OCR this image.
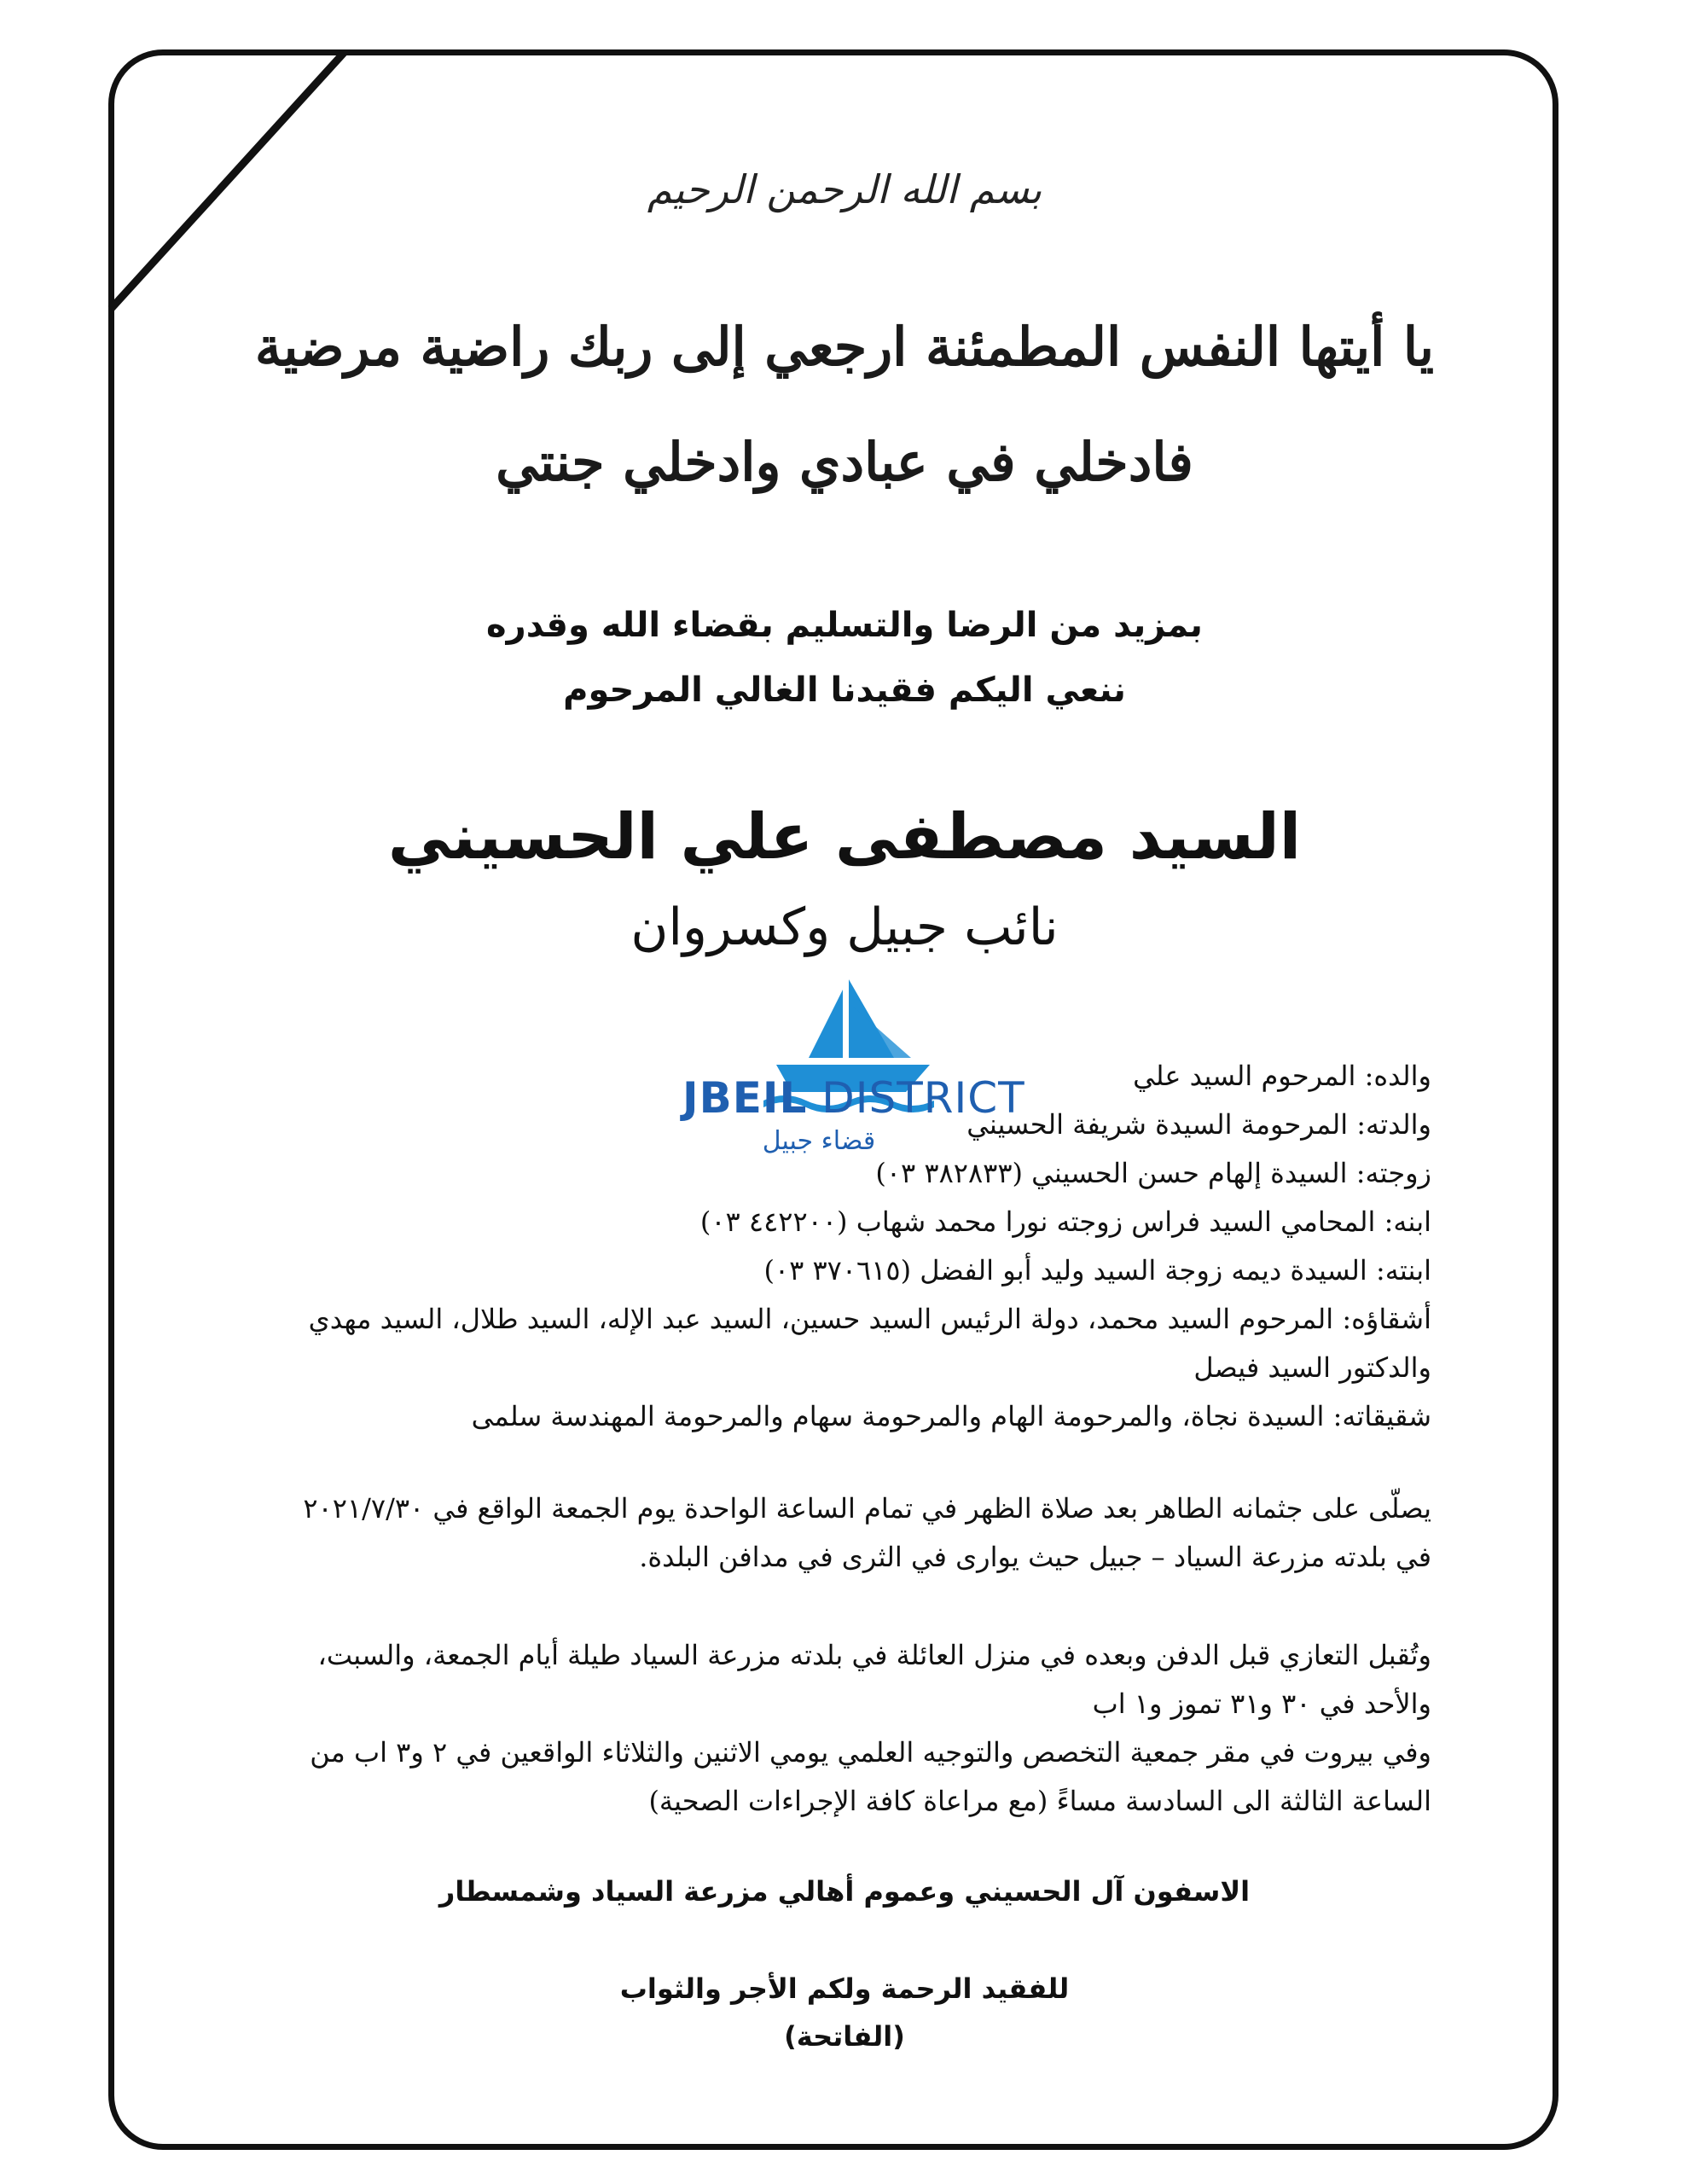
بسم الله الرحمن الرحيم
يا أيتها النفس المطمئنة ارجعي إلى ربك راضية مرضية
فادخلي في عبادي وادخلي جنتي
بمزيد من الرضا والتسليم بقضاء الله وقدره
ننعي اليكم فقيدنا الغالي المرحوم
السيد مصطفى علي الحسيني
نائب جبيل وكسروان
JBEIL DISTRICT
قضاء جبيل

والده: المرحوم السيد علي

والدته: المرحومة السيدة شريفة الحسيني

زوجته: السيدة إلهام حسن الحسيني (٣٨٢٨٣٣ ٠٣)

ابنه: المحامي السيد فراس زوجته نورا محمد شهاب (٤٤٢٢٠٠ ٠٣)

ابنته: السيدة ديمه زوجة السيد وليد أبو الفضل (٣٧٠٦١٥ ٠٣)

أشقاؤه: المرحوم السيد محمد، دولة الرئيس السيد حسين، السيد عبد الإله، السيد طلال، السيد مهدي

والدكتور السيد فيصل

شقيقاته: السيدة نجاة، والمرحومة الهام والمرحومة سهام والمرحومة المهندسة سلمى

يصلّى على جثمانه الطاهر بعد صلاة الظهر في تمام الساعة الواحدة يوم الجمعة الواقع في ٢٠٢١/٧/٣٠

في بلدته مزرعة السياد – جبيل حيث يوارى في الثرى في مدافن البلدة.

وتُقبل التعازي قبل الدفن وبعده في منزل العائلة في بلدته مزرعة السياد طيلة أيام الجمعة، والسبت،

والأحد في ٣٠ و٣١ تموز و١ اب

وفي بيروت في مقر جمعية التخصص والتوجيه العلمي يومي الاثنين والثلاثاء الواقعين في ٢ و٣ اب من

الساعة الثالثة الى السادسة مساءً (مع مراعاة كافة الإجراءات الصحية)

الاسفون آل الحسيني وعموم أهالي مزرعة السياد وشمسطار
للفقيد الرحمة ولكم الأجر والثواب
(الفاتحة)
